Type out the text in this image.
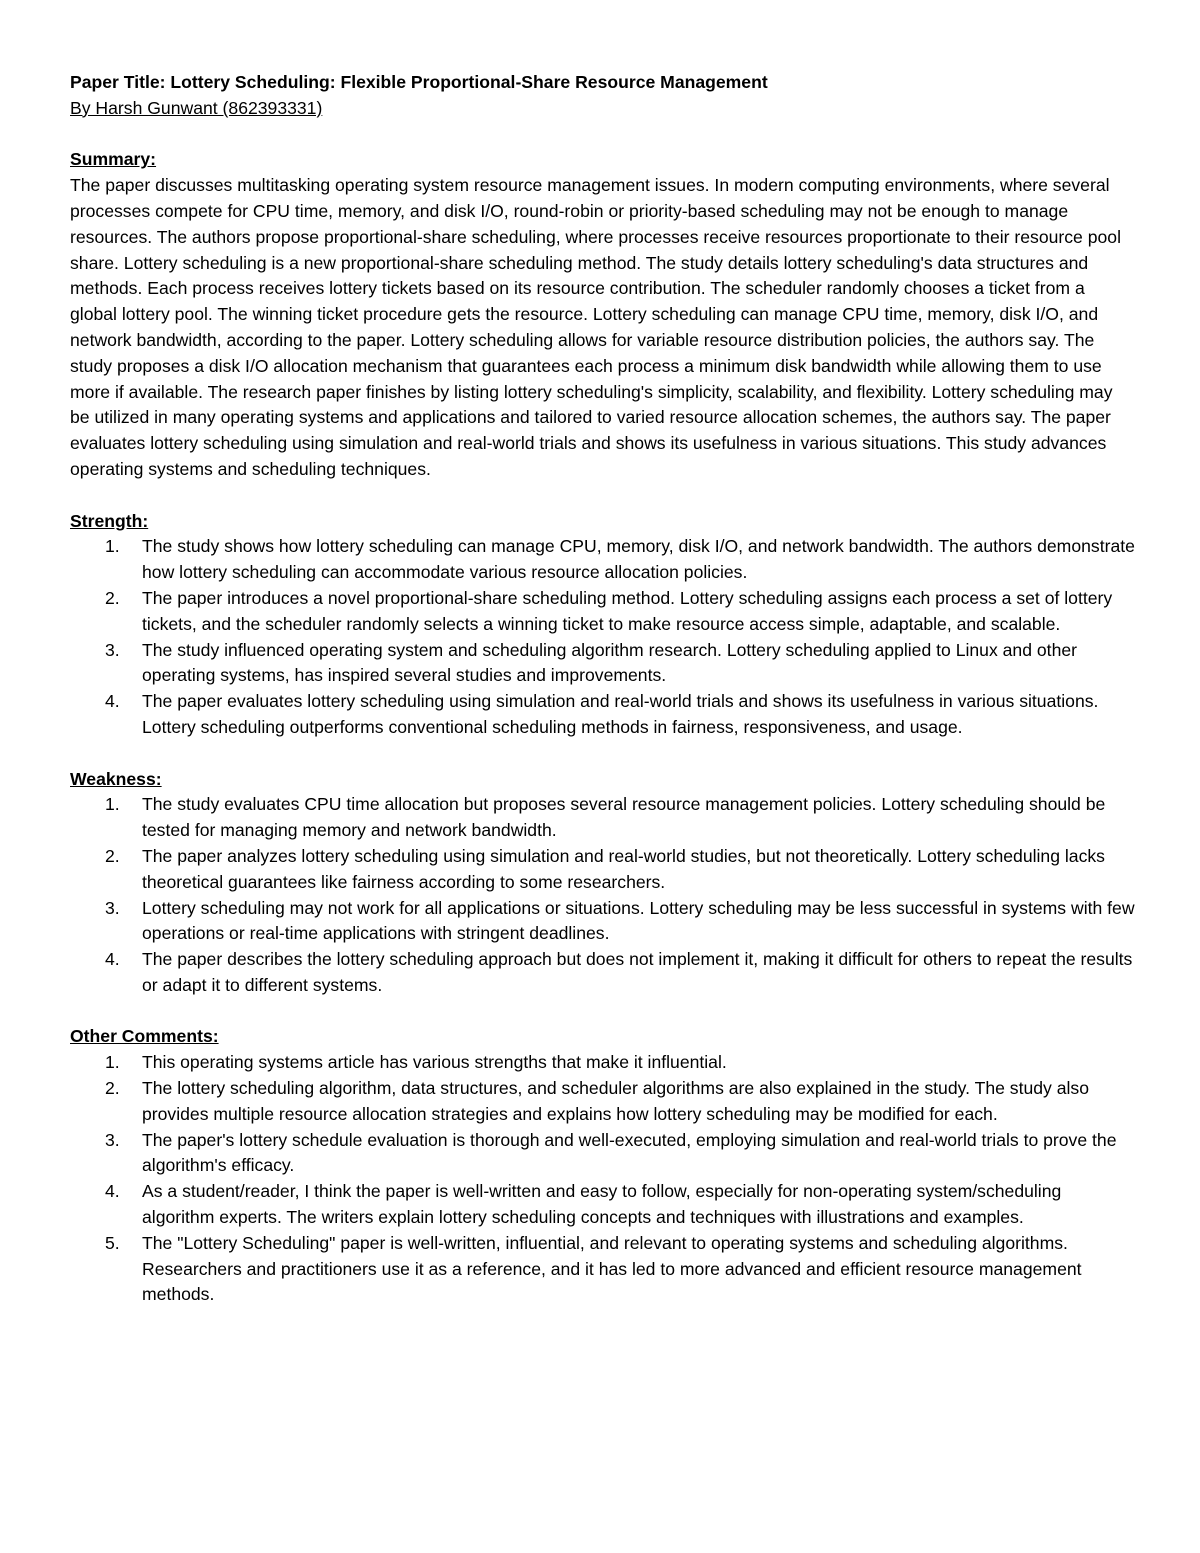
Paper Title: Lottery Scheduling: Flexible Proportional-Share Resource Management

By Harsh Gunwant (862393331)

Summary:

The paper discusses multitasking operating system resource management issues. In modern computing environments, where several processes compete for CPU time, memory, and disk I/O, round-robin or priority-based scheduling may not be enough to manage resources. The authors propose proportional-share scheduling, where processes receive resources proportionate to their resource pool share. Lottery scheduling is a new proportional-share scheduling method. The study details lottery scheduling's data structures and methods. Each process receives lottery tickets based on its resource contribution. The scheduler randomly chooses a ticket from a global lottery pool. The winning ticket procedure gets the resource. Lottery scheduling can manage CPU time, memory, disk I/O, and network bandwidth, according to the paper. Lottery scheduling allows for variable resource distribution policies, the authors say. The study proposes a disk I/O allocation mechanism that guarantees each process a minimum disk bandwidth while allowing them to use more if available. The research paper finishes by listing lottery scheduling's simplicity, scalability, and flexibility. Lottery scheduling may be utilized in many operating systems and applications and tailored to varied resource allocation schemes, the authors say. The paper evaluates lottery scheduling using simulation and real-world trials and shows its usefulness in various situations. This study advances operating systems and scheduling techniques.

Strength:

1. The study shows how lottery scheduling can manage CPU, memory, disk I/O, and network bandwidth. The authors demonstrate how lottery scheduling can accommodate various resource allocation policies.
2. The paper introduces a novel proportional-share scheduling method. Lottery scheduling assigns each process a set of lottery tickets, and the scheduler randomly selects a winning ticket to make resource access simple, adaptable, and scalable.
3. The study influenced operating system and scheduling algorithm research. Lottery scheduling applied to Linux and other operating systems, has inspired several studies and improvements.
4. The paper evaluates lottery scheduling using simulation and real-world trials and shows its usefulness in various situations. Lottery scheduling outperforms conventional scheduling methods in fairness, responsiveness, and usage.

Weakness:

1. The study evaluates CPU time allocation but proposes several resource management policies. Lottery scheduling should be tested for managing memory and network bandwidth.
2. The paper analyzes lottery scheduling using simulation and real-world studies, but not theoretically. Lottery scheduling lacks theoretical guarantees like fairness according to some researchers.
3. Lottery scheduling may not work for all applications or situations. Lottery scheduling may be less successful in systems with few operations or real-time applications with stringent deadlines.
4. The paper describes the lottery scheduling approach but does not implement it, making it difficult for others to repeat the results or adapt it to different systems.

Other Comments:

1. This operating systems article has various strengths that make it influential.
2. The lottery scheduling algorithm, data structures, and scheduler algorithms are also explained in the study. The study also provides multiple resource allocation strategies and explains how lottery scheduling may be modified for each.
3. The paper's lottery schedule evaluation is thorough and well-executed, employing simulation and real-world trials to prove the algorithm's efficacy.
4. As a student/reader, I think the paper is well-written and easy to follow, especially for non-operating system/scheduling algorithm experts. The writers explain lottery scheduling concepts and techniques with illustrations and examples.
5. The "Lottery Scheduling" paper is well-written, influential, and relevant to operating systems and scheduling algorithms. Researchers and practitioners use it as a reference, and it has led to more advanced and efficient resource management methods.
